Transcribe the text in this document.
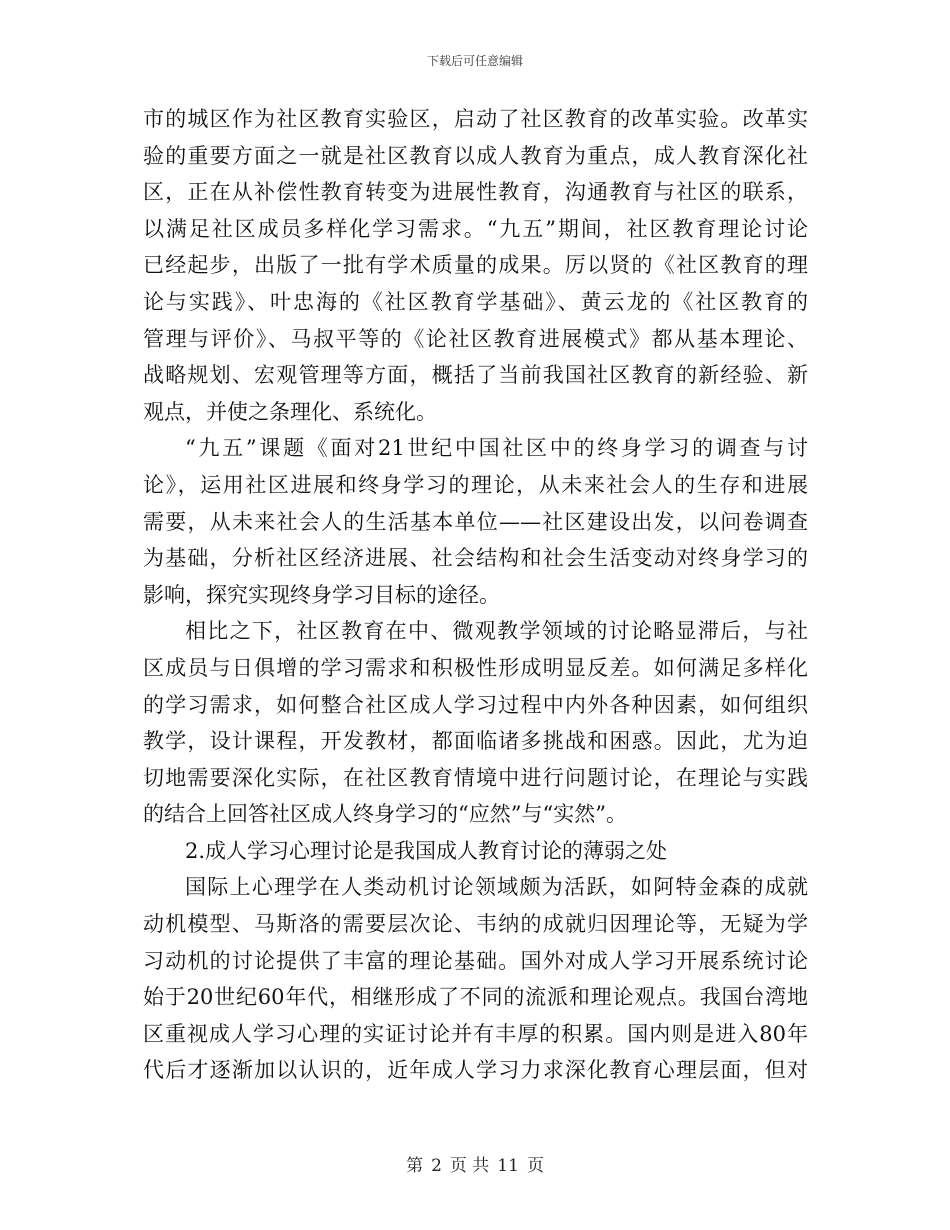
下载后可任意编辑
市的城区作为社区教育实验区，启动了社区教育的改革实验。改革实
验的重要方面之一就是社区教育以成人教育为重点，成人教育深化社
区，正在从补偿性教育转变为进展性教育，沟通教育与社区的联系，
以满足社区成员多样化学习需求。“九五”期间，社区教育理论讨论
已经起步，出版了一批有学术质量的成果。厉以贤的《社区教育的理
论与实践》、叶忠海的《社区教育学基础》、黄云龙的《社区教育的
管理与评价》、马叔平等的《论社区教育进展模式》都从基本理论、
战略规划、宏观管理等方面，概括了当前我国社区教育的新经验、新
观点，并使之条理化、系统化。
“九五”课题《面对21世纪中国社区中的终身学习的调查与讨
论》，运用社区进展和终身学习的理论，从未来社会人的生存和进展
需要，从未来社会人的生活基本单位——社区建设出发，以问卷调查
为基础，分析社区经济进展、社会结构和社会生活变动对终身学习的
影响，探究实现终身学习目标的途径。
相比之下，社区教育在中、微观教学领域的讨论略显滞后，与社
区成员与日俱增的学习需求和积极性形成明显反差。如何满足多样化
的学习需求，如何整合社区成人学习过程中内外各种因素，如何组织
教学，设计课程，开发教材，都面临诸多挑战和困惑。因此，尤为迫
切地需要深化实际，在社区教育情境中进行问题讨论，在理论与实践
的结合上回答社区成人终身学习的“应然”与“实然”。
2.成人学习心理讨论是我国成人教育讨论的薄弱之处
国际上心理学在人类动机讨论领域颇为活跃，如阿特金森的成就
动机模型、马斯洛的需要层次论、韦纳的成就归因理论等，无疑为学
习动机的讨论提供了丰富的理论基础。国外对成人学习开展系统讨论
始于20世纪60年代，相继形成了不同的流派和理论观点。我国台湾地
区重视成人学习心理的实证讨论并有丰厚的积累。国内则是进入80年
代后才逐渐加以认识的，近年成人学习力求深化教育心理层面，但对
第 2 页 共 11 页
